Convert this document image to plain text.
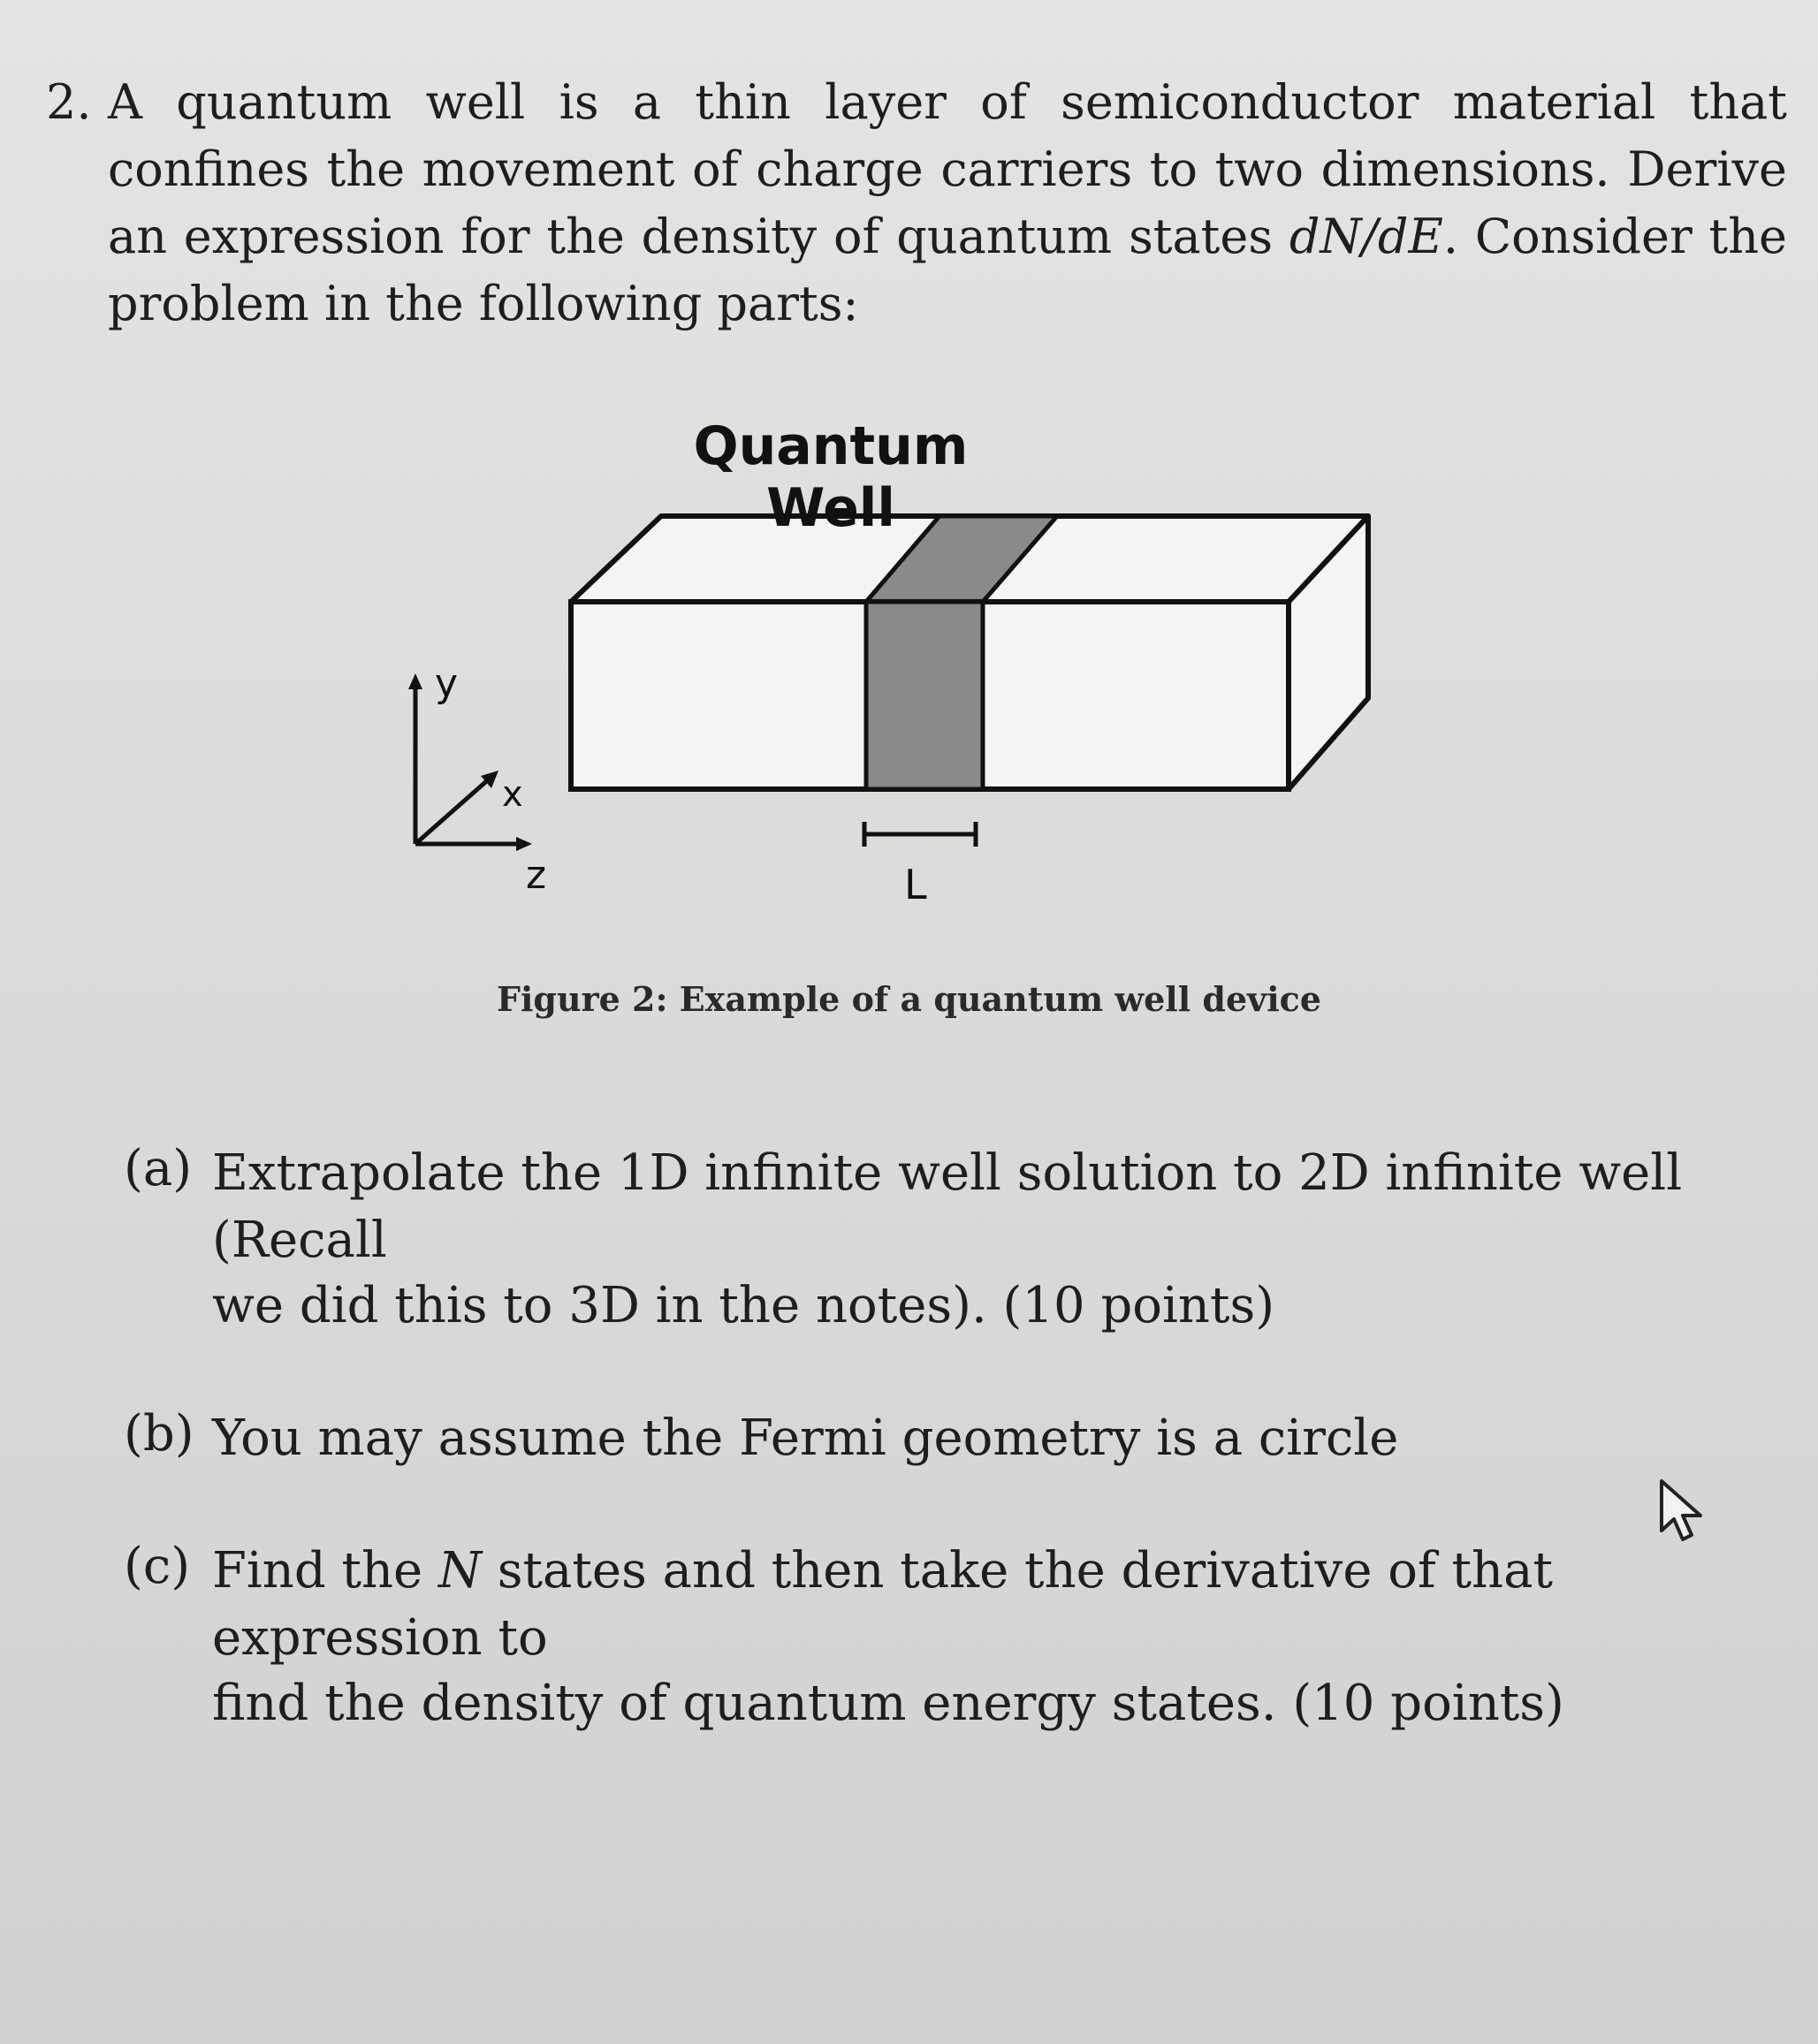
2. A quantum well is a thin layer of semiconductor material that confines the movement of charge carriers to two dimensions. Derive an expression for the density of quantum states dN/dE. Consider the problem in the following parts:
y
x
z	L
Quantum Well
Figure 2: Example of a quantum well device
(a) Extrapolate the 1D infinite well solution to 2D infinite well (Recall
we did this to 3D in the notes). (10 points)
(b) You may assume the Fermi geometry is a circle
(c) Find the N states and then take the derivative of that expression to
find the density of quantum energy states. (10 points)
